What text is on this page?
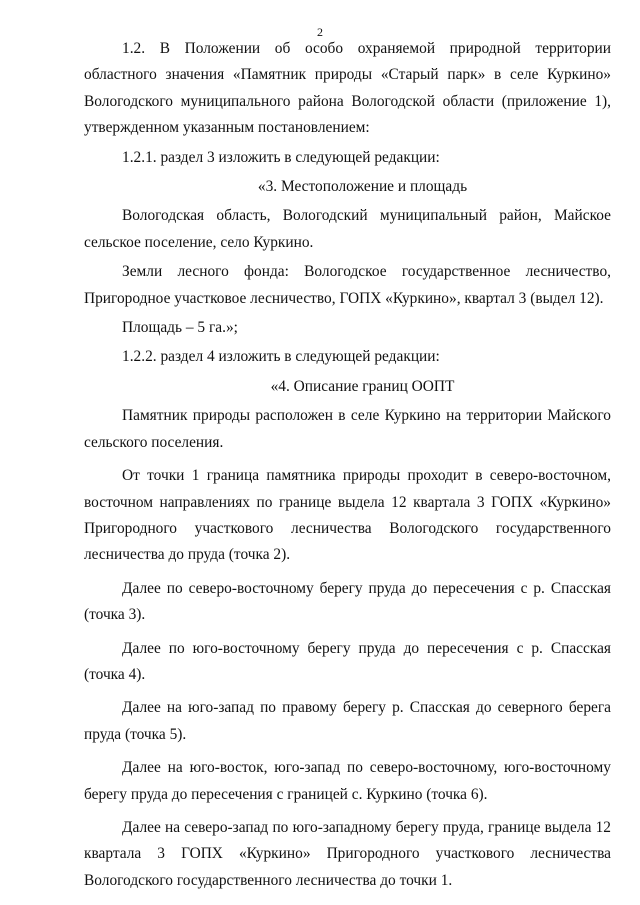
2

1.2. В Положении об особо охраняемой природной территории областного значения «Памятник природы «Старый парк» в селе Куркино» Вологодского муниципального района Вологодской области (приложение 1), утвержденном указанным постановлением:

1.2.1. раздел 3 изложить в следующей редакции:

«3. Местоположение и площадь

Вологодская область, Вологодский муниципальный район, Майское сельское поселение, село Куркино.

Земли лесного фонда: Вологодское государственное лесничество, Пригородное участковое лесничество, ГОПХ «Куркино», квартал 3 (выдел 12).

Площадь – 5 га.»;

1.2.2. раздел 4 изложить в следующей редакции:

«4. Описание границ ООПТ

Памятник природы расположен в селе Куркино на территории Майского сельского поселения.

От точки 1 граница памятника природы проходит в северо-восточном, восточном направлениях по границе выдела 12 квартала 3 ГОПХ «Куркино» Пригородного участкового лесничества Вологодского государственного лесничества до пруда (точка 2).

Далее по северо-восточному берегу пруда до пересечения с р. Спасская (точка 3).

Далее по юго-восточному берегу пруда до пересечения с р. Спасская (точка 4).

Далее на юго-запад по правому берегу р. Спасская до северного берега пруда (точка 5).

Далее на юго-восток, юго-запад по северо-восточному, юго-восточному берегу пруда до пересечения с границей с. Куркино (точка 6).

Далее на северо-запад по юго-западному берегу пруда, границе выдела 12 квартала 3 ГОПХ «Куркино» Пригородного участкового лесничества Вологодского государственного лесничества до точки 1.
